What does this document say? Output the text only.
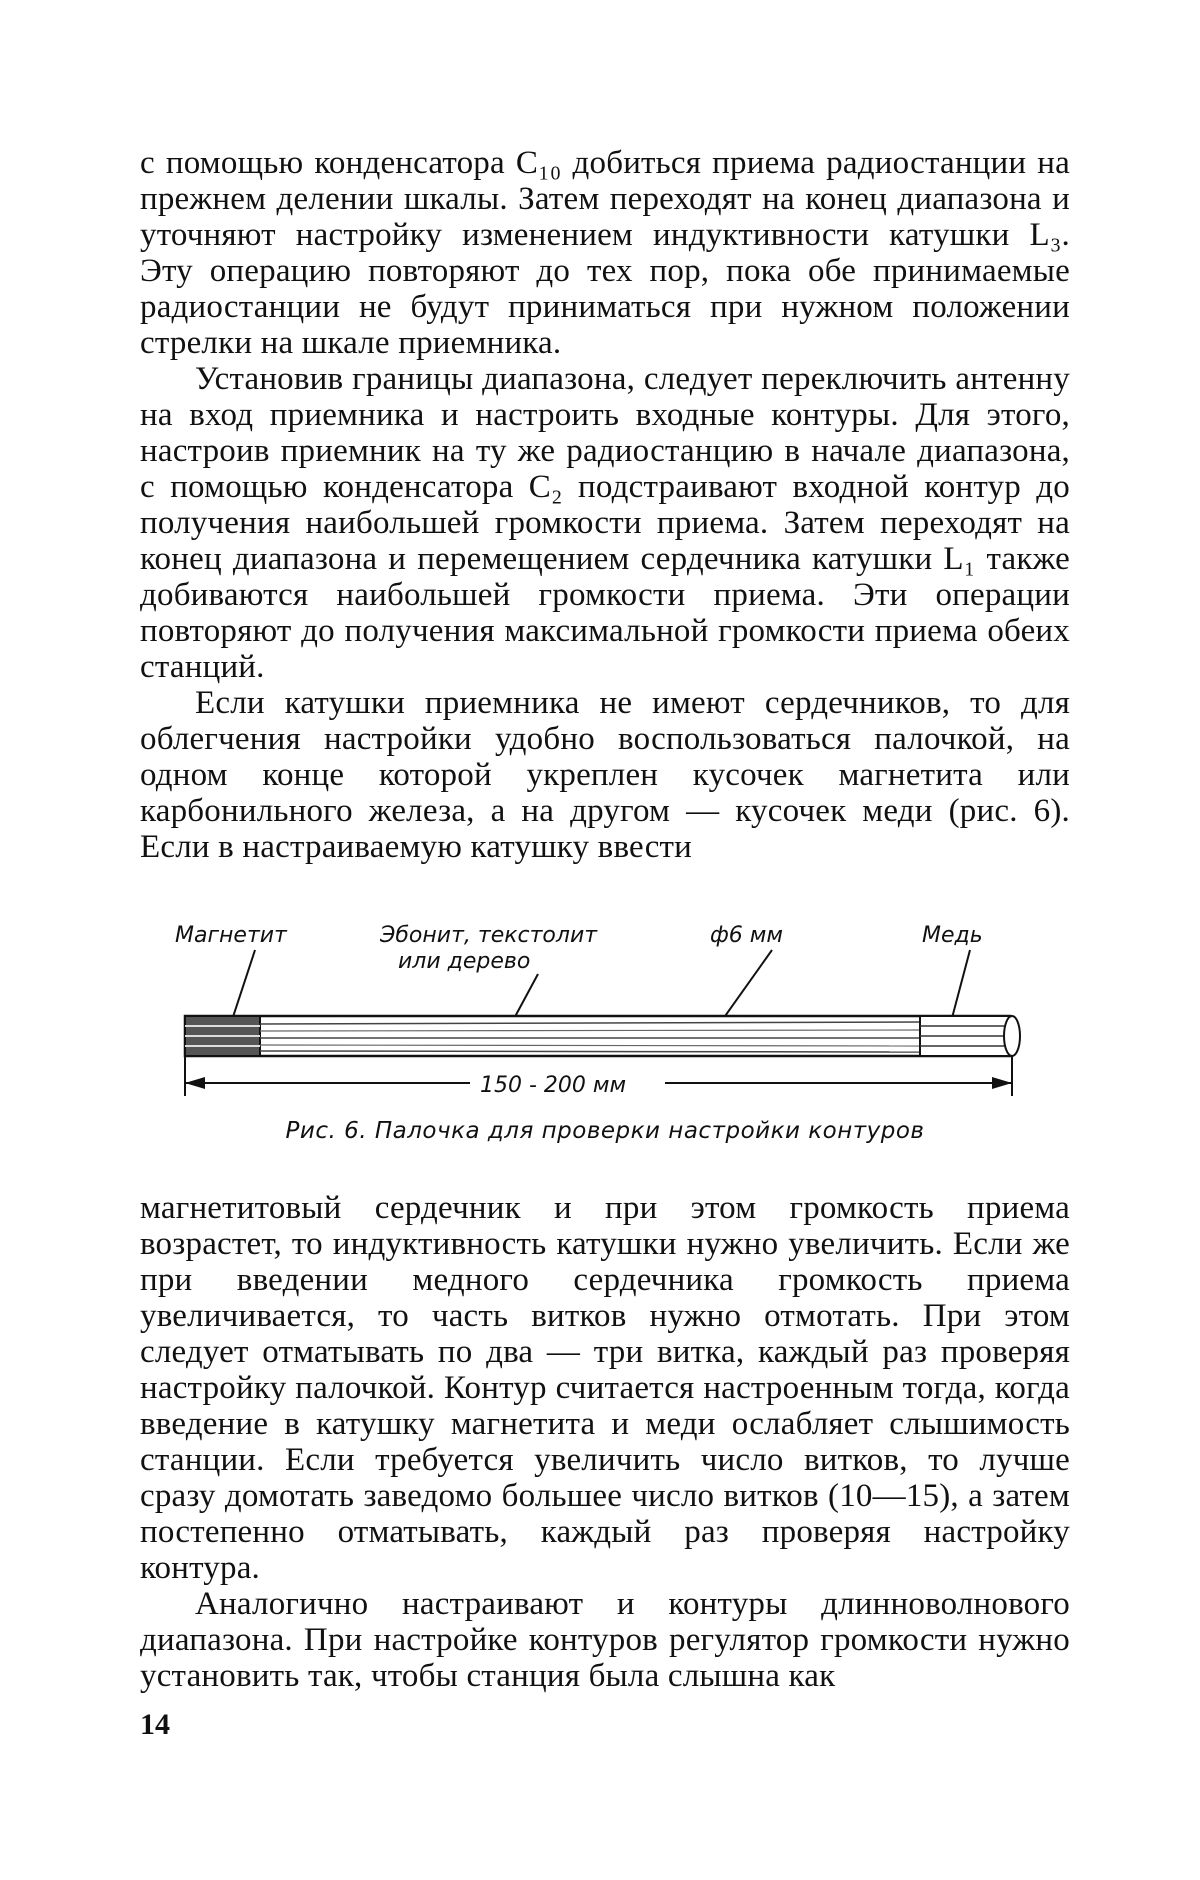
с помощью конденсатора C₁₀ добиться приема радиостанции на прежнем делении шкалы. Затем переходят на конец диапазона и уточняют настройку изменением индуктивности катушки L₃. Эту операцию повторяют до тех пор, пока обе принимаемые радиостанции не будут приниматься при нужном положении стрелки на шкале приемника.

Установив границы диапазона, следует переключить антенну на вход приемника и настроить входные контуры. Для этого, настроив приемник на ту же радиостанцию в начале диапазона, с помощью конденсатора C₂ подстраивают входной контур до получения наибольшей громкости приема. Затем переходят на конец диапазона и перемещением сердечника катушки L₁ также добиваются наибольшей громкости приема. Эти операции повторяют до получения максимальной громкости приема обеих станций.

Если катушки приемника не имеют сердечников, то для облегчения настройки удобно воспользоваться палочкой, на одном конце которой укреплен кусочек магнетита или карбонильного железа, а на другом — кусочек меди (рис. 6). Если в настраиваемую катушку ввести

Магнетит	Эбонит, текстолит
или дерево
ф6 мм	Медь
150 - 200 мм
Рис. 6. Палочка для проверки настройки контуров

магнетитовый сердечник и при этом громкость приема возрастет, то индуктивность катушки нужно увеличить. Если же при введении медного сердечника громкость приема увеличивается, то часть витков нужно отмотать. При этом следует отматывать по два — три витка, каждый раз проверяя настройку палочкой. Контур считается настроенным тогда, когда введение в катушку магнетита и меди ослабляет слышимость станции. Если требуется увеличить число витков, то лучше сразу домотать заведомо большее число витков (10—15), а затем постепенно отматывать, каждый раз проверяя настройку контура.

Аналогично настраивают и контуры длинноволнового диапазона. При настройке контуров регулятор громкости нужно установить так, чтобы станция была слышна как

14
